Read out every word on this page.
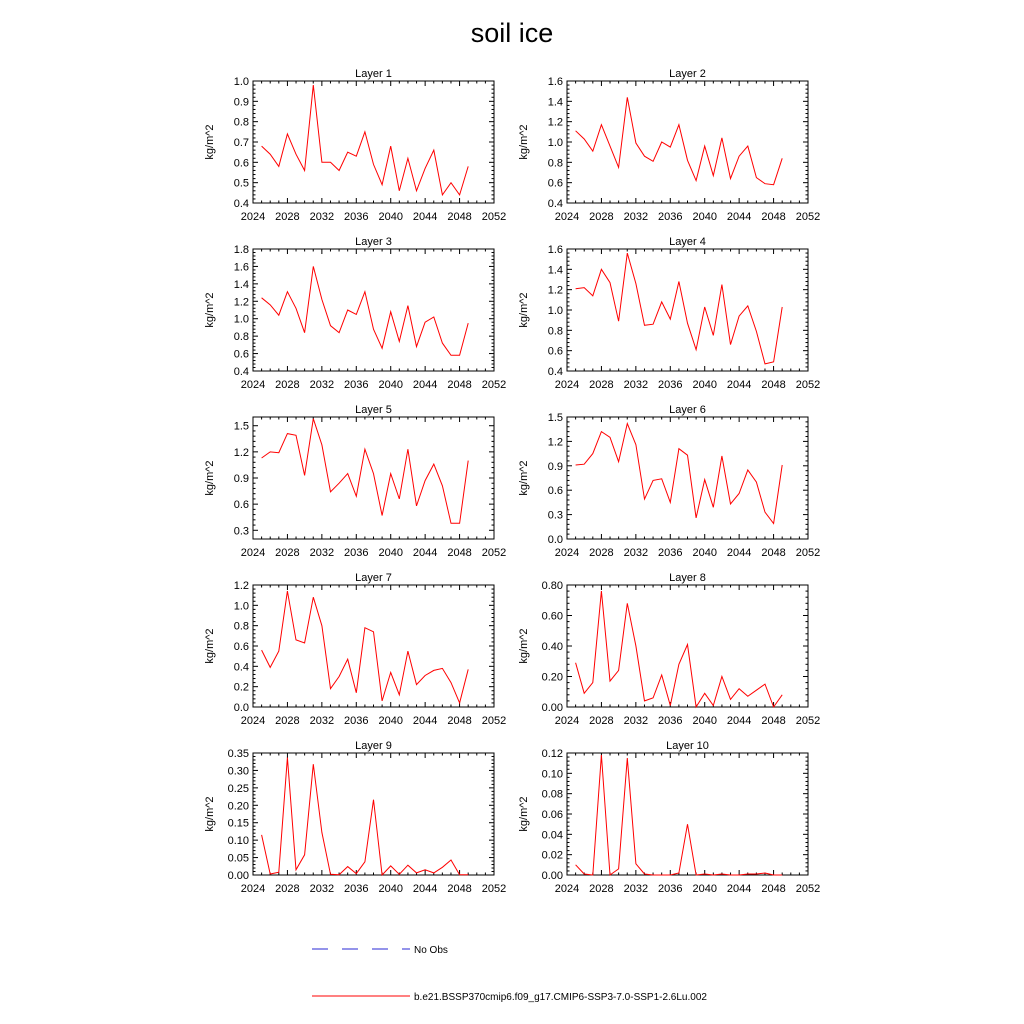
soil ice
Layer 1
0.4
0.5
0.6
0.7
0.8
0.9
1.0
2024 2028 2032 2036 2040 2044 2048 2052
kg/m^2
Layer 2
0.4
0.6
0.8
1.0
1.2
1.4
1.6
2024 2028 2032 2036 2040 2044 2048 2052
kg/m^2
Layer 3
0.4
0.6
0.8
1.0
1.2
1.4
1.6
1.8
2024 2028 2032 2036 2040 2044 2048 2052
kg/m^2
Layer 4
0.4
0.6
0.8
1.0
1.2
1.4
1.6
2024 2028 2032 2036 2040 2044 2048 2052
kg/m^2
Layer 5
0.3
0.6
0.9
1.2
1.5
2024 2028 2032 2036 2040 2044 2048 2052
kg/m^2
Layer 6
0.0
0.3
0.6
0.9
1.2
1.5
2024 2028 2032 2036 2040 2044 2048 2052
kg/m^2
Layer 7
0.0
0.2
0.4
0.6
0.8
1.0
1.2
2024 2028 2032 2036 2040 2044 2048 2052
kg/m^2
Layer 8
0.00
0.20
0.40
0.60
0.80
2024 2028 2032 2036 2040 2044 2048 2052
kg/m^2
Layer 9
0.00
0.05
0.10
0.15
0.20
0.25
0.30
0.35
2024 2028 2032 2036 2040 2044 2048 2052
kg/m^2
Layer 10
0.00
0.02
0.04
0.06
0.08
0.10
0.12
2024 2028 2032 2036 2040 2044 2048 2052
kg/m^2
No Obs
b.e21.BSSP370cmip6.f09_g17.CMIP6-SSP3-7.0-SSP1-2.6Lu.002
